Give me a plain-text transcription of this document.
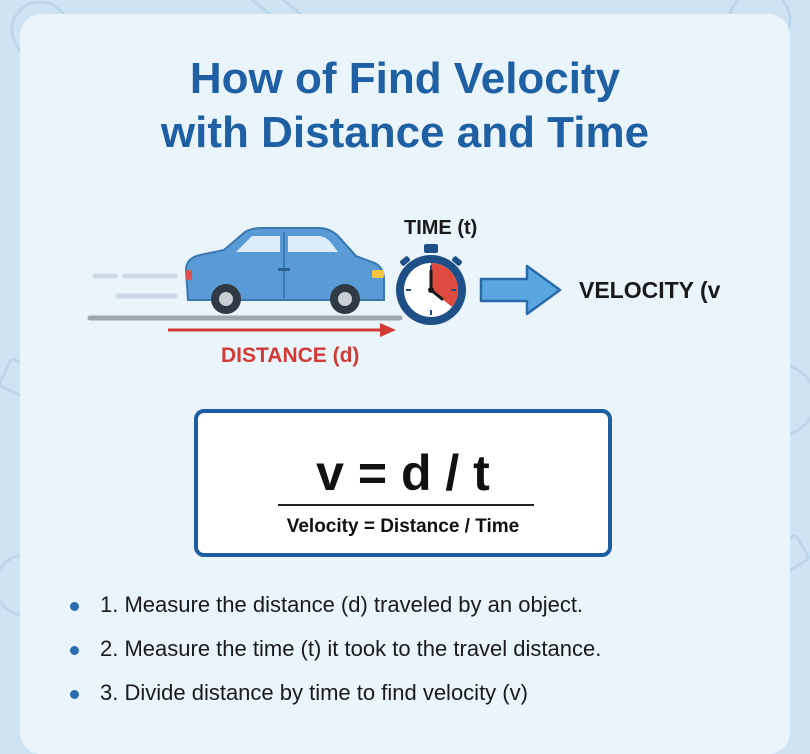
How of Find Velocity
with Distance and Time
TIME (t)
VELOCITY (v
DISTANCE (d)
v = d / t
Velocity = Distance / Time
1. Measure the distance (d) traveled by an object.
2. Measure the time (t) it took to the travel distance.
3. Divide distance by time to find velocity (v)
